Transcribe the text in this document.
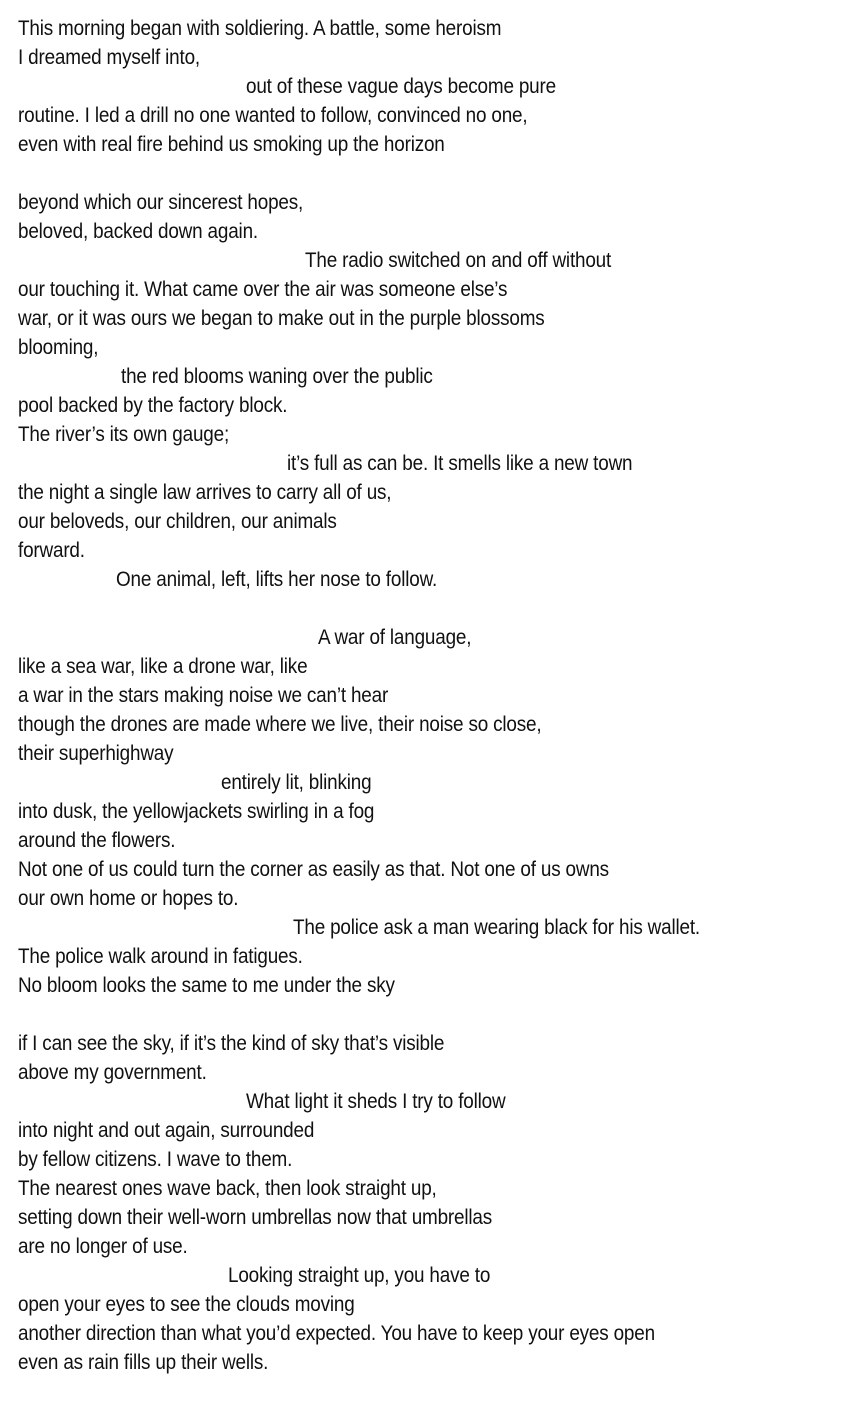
This morning began with soldiering. A battle, some heroism
I dreamed myself into,
out of these vague days become pure
routine. I led a drill no one wanted to follow, convinced no one,
even with real fire behind us smoking up the horizon
beyond which our sincerest hopes,
beloved, backed down again.
The radio switched on and off without
our touching it. What came over the air was someone else’s
war, or it was ours we began to make out in the purple blossoms
blooming,
the red blooms waning over the public
pool backed by the factory block.
The river’s its own gauge;
it’s full as can be. It smells like a new town
the night a single law arrives to carry all of us,
our beloveds, our children, our animals
forward.
One animal, left, lifts her nose to follow.
A war of language,
like a sea war, like a drone war, like
a war in the stars making noise we can’t hear
though the drones are made where we live, their noise so close,
their superhighway
entirely lit, blinking
into dusk, the yellowjackets swirling in a fog
around the flowers.
Not one of us could turn the corner as easily as that. Not one of us owns
our own home or hopes to.
The police ask a man wearing black for his wallet.
The police walk around in fatigues.
No bloom looks the same to me under the sky
if I can see the sky, if it’s the kind of sky that’s visible
above my government.
What light it sheds I try to follow
into night and out again, surrounded
by fellow citizens. I wave to them.
The nearest ones wave back, then look straight up,
setting down their well-worn umbrellas now that umbrellas
are no longer of use.
Looking straight up, you have to
open your eyes to see the clouds moving
another direction than what you’d expected. You have to keep your eyes open
even as rain fills up their wells.
